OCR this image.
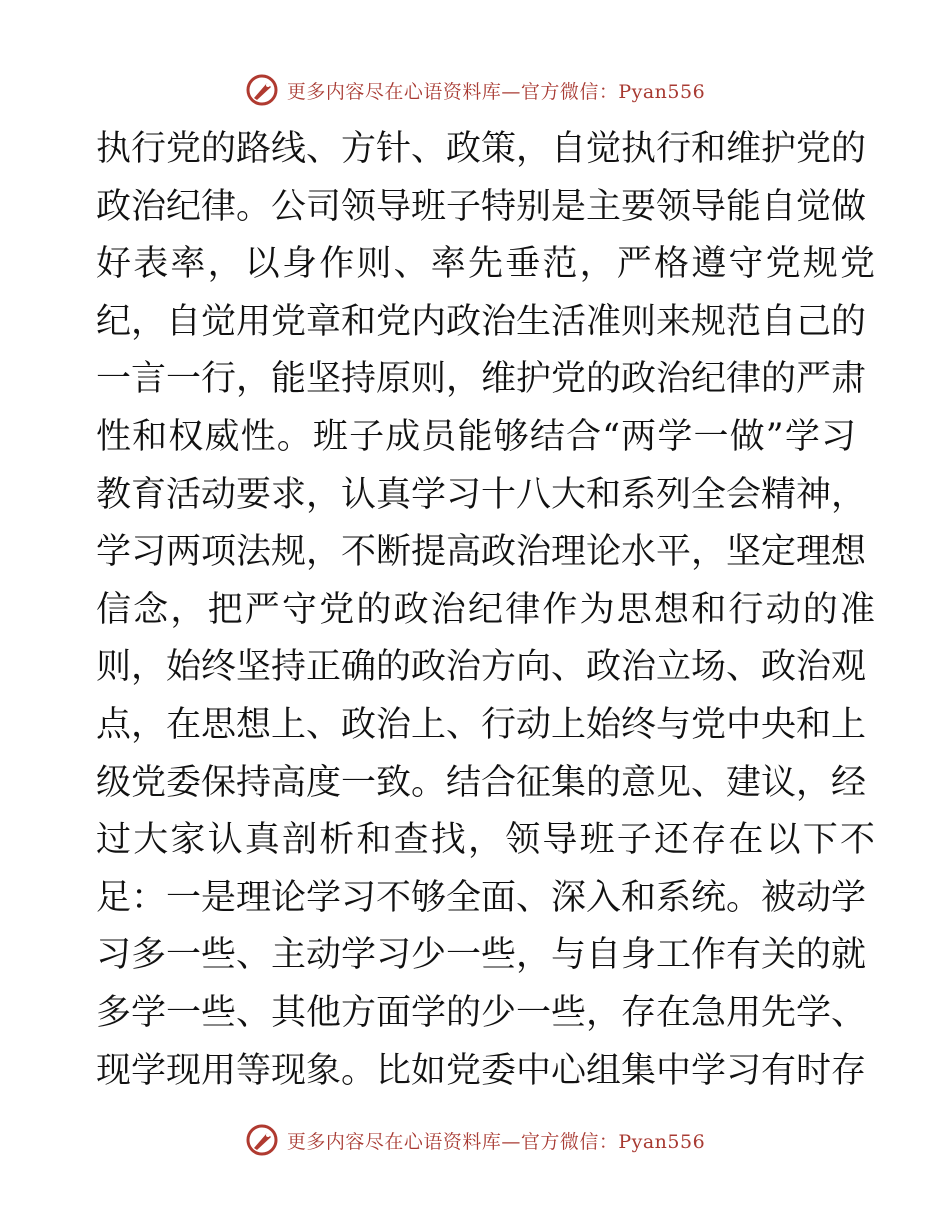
更多内容尽在心语资料库—官方微信：Pyan556
执行党的路线、方针、政策，自觉执行和维护党的
政治纪律。公司领导班子特别是主要领导能自觉做
好表率，以身作则、率先垂范，严格遵守党规党
纪，自觉用党章和党内政治生活准则来规范自己的
一言一行，能坚持原则，维护党的政治纪律的严肃
性和权威性。班子成员能够结合“两学一做”学习
教育活动要求，认真学习十八大和系列全会精神，
学习两项法规，不断提高政治理论水平，坚定理想
信念，把严守党的政治纪律作为思想和行动的准
则，始终坚持正确的政治方向、政治立场、政治观
点，在思想上、政治上、行动上始终与党中央和上
级党委保持高度一致。结合征集的意见、建议，经
过大家认真剖析和查找，领导班子还存在以下不
足：一是理论学习不够全面、深入和系统。被动学
习多一些、主动学习少一些，与自身工作有关的就
多学一些、其他方面学的少一些，存在急用先学、
现学现用等现象。比如党委中心组集中学习有时存
更多内容尽在心语资料库—官方微信：Pyan556
